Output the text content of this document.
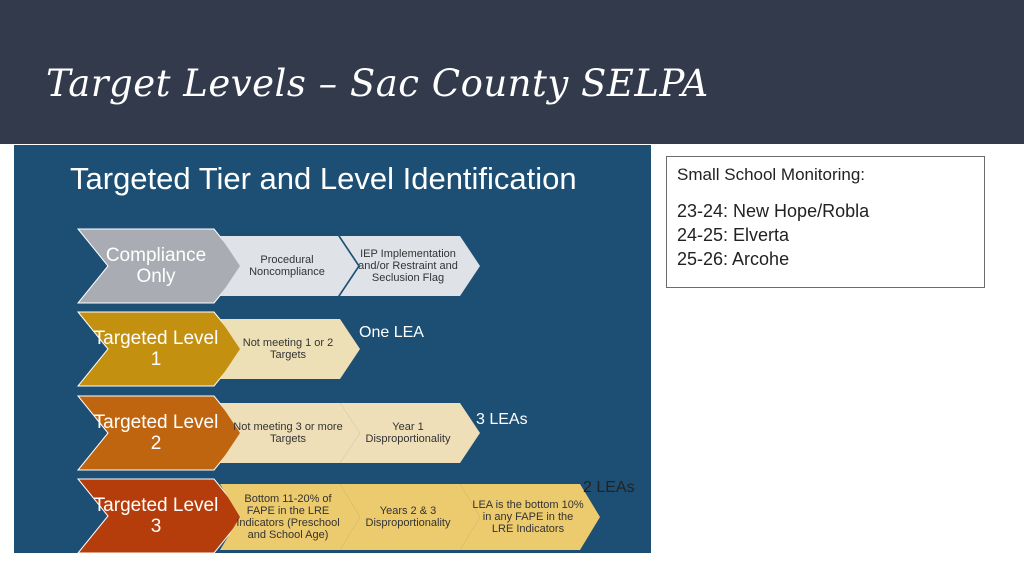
Target Levels – Sac County SELPA
Targeted Tier and Level Identification
Compliance Only
Procedural Noncompliance
IEP Implementation and/or Restraint and Seclusion Flag
Targeted Level 1
Not meeting 1 or 2 Targets
One LEA
Targeted Level 2
Not meeting 3 or more Targets
Year 1 Disproportionality
3 LEAs
Targeted Level 3
Bottom 11-20% of FAPE in the LRE Indicators (Preschool and School Age)
Years 2 & 3 Disproportionality
LEA is the bottom 10% in any FAPE in the LRE Indicators
2 LEAs
Small School Monitoring:
23-24: New Hope/Robla
24-25: Elverta
25-26: Arcohe
